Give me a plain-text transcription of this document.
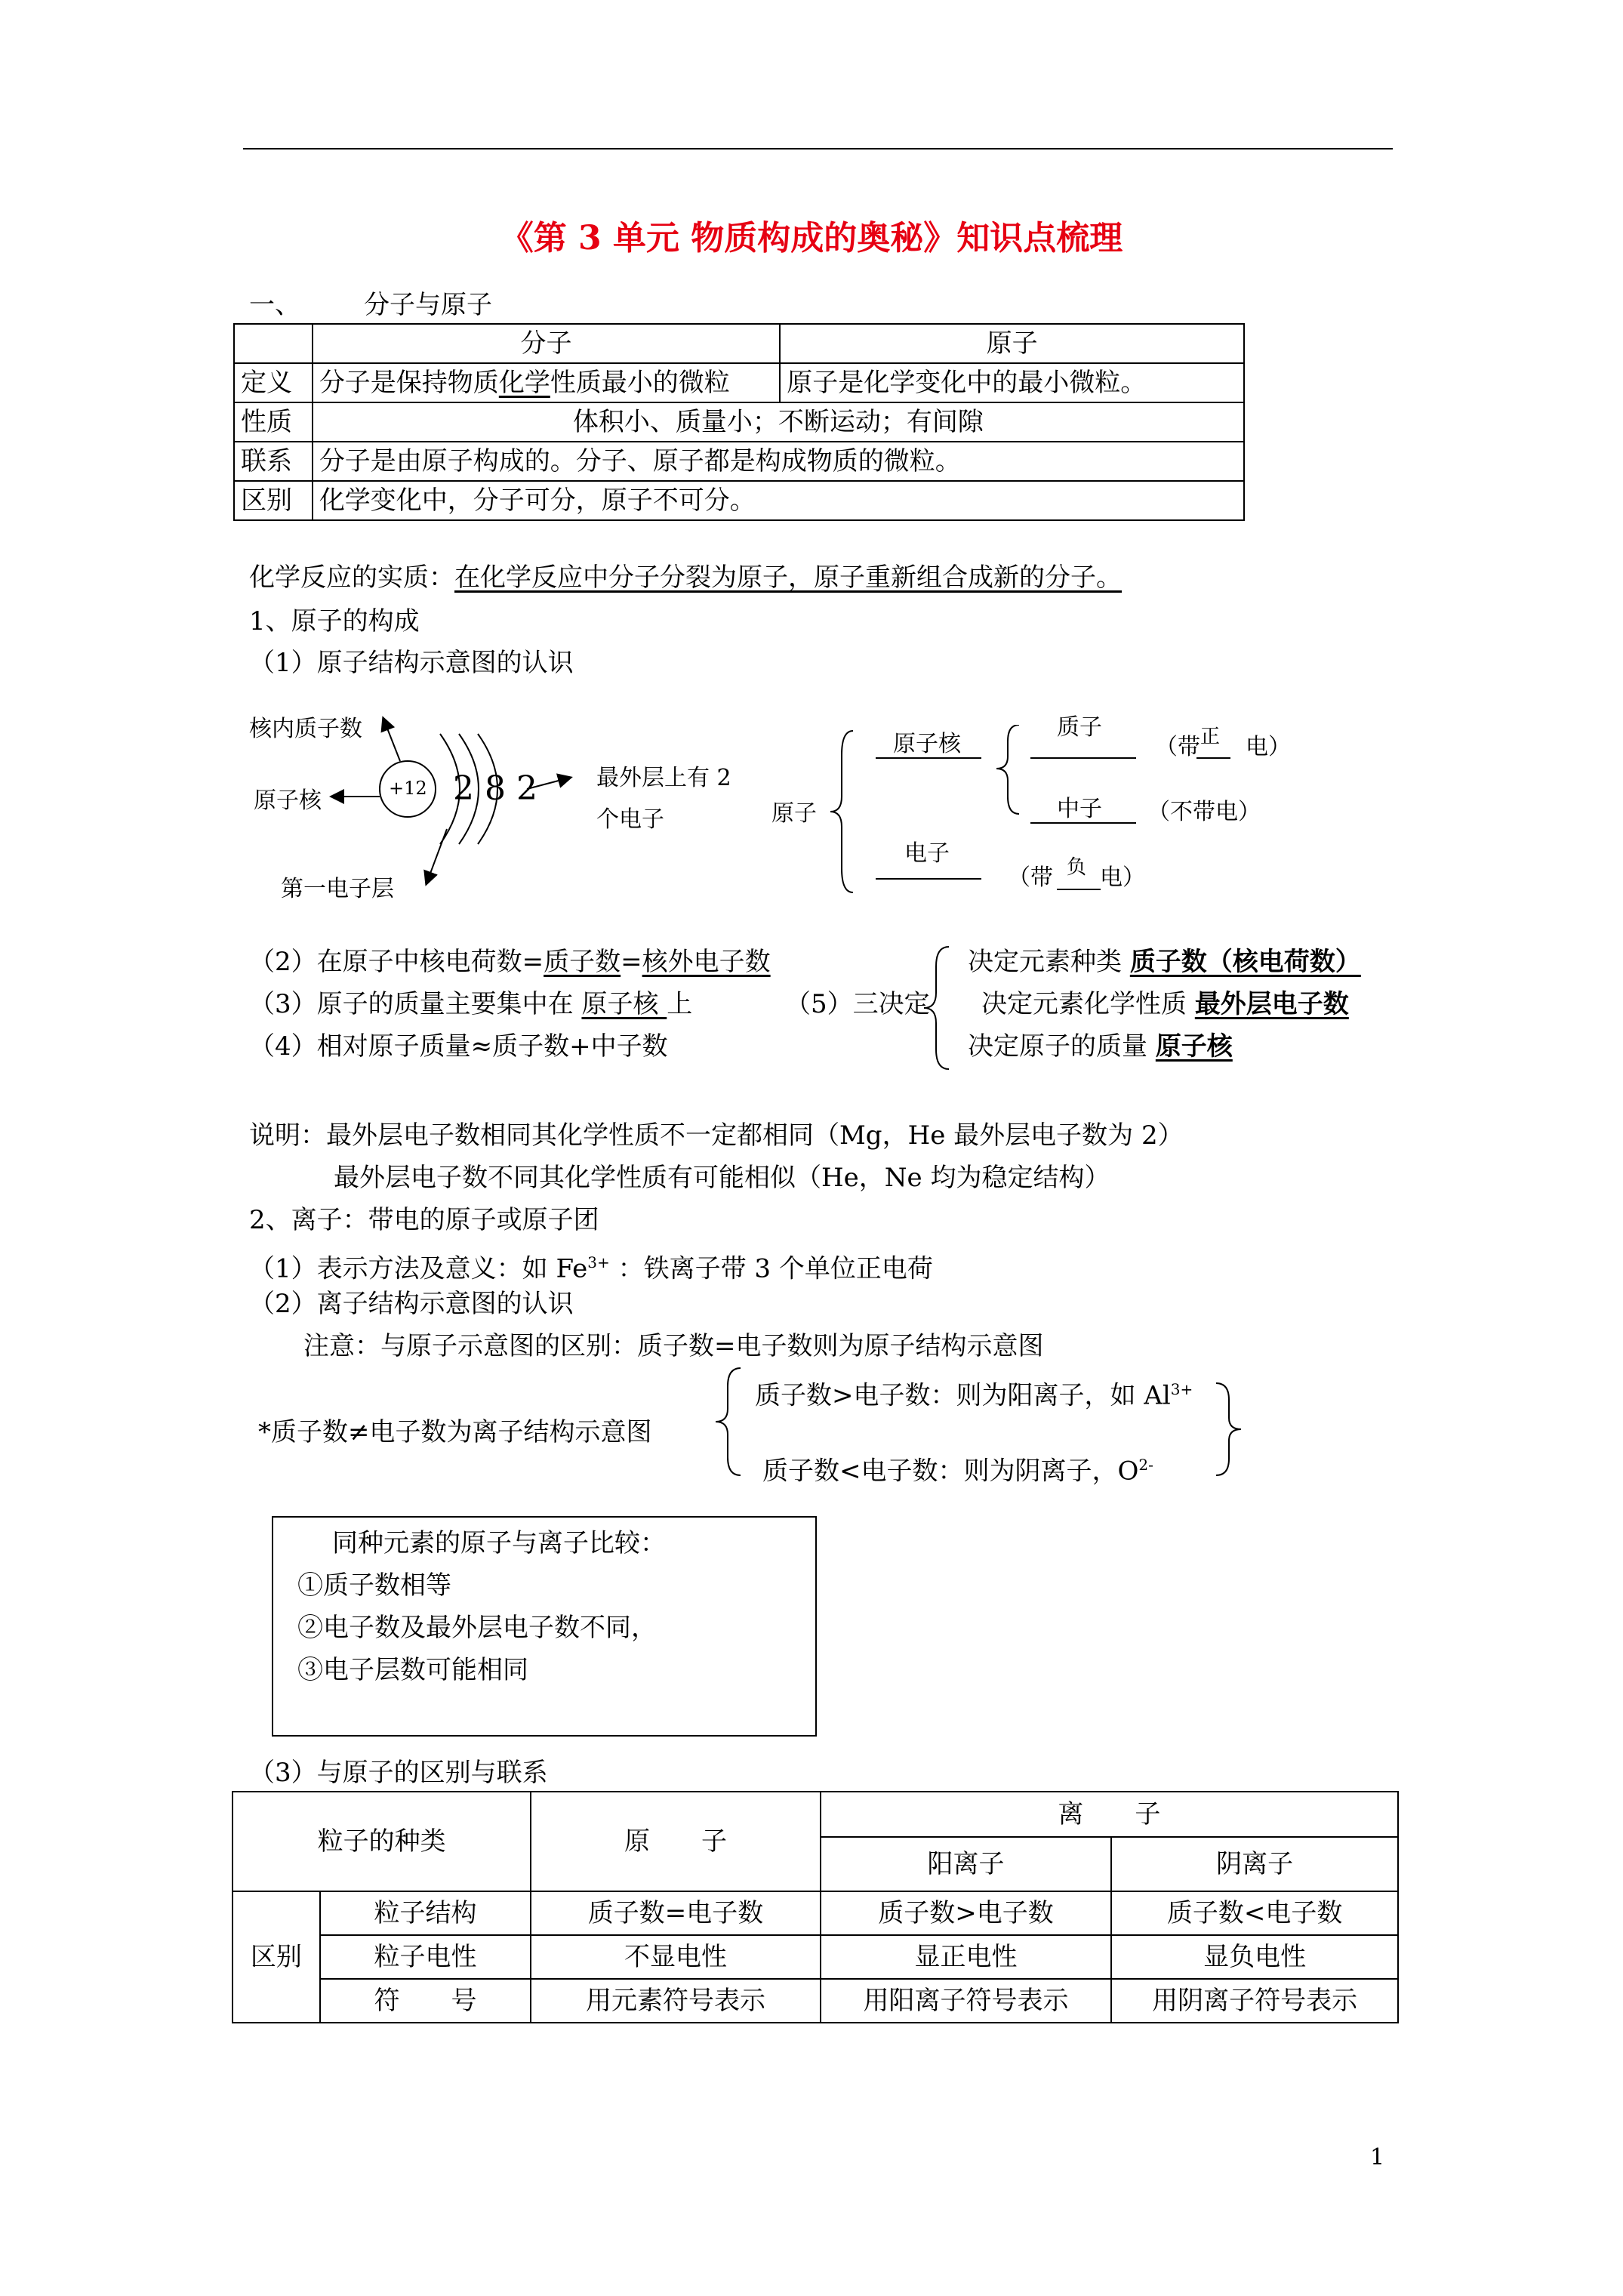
《第 3 单元 物质构成的奥秘》知识点梳理
一、 分子与原子
	分子	原子
定义	分子是保持物质化学性质最小的微粒	原子是化学变化中的最小微粒。
性质	体积小、质量小；不断运动；有间隙	
联系	分子是由原子构成的。分子、原子都是构成物质的微粒。	
区别	化学变化中，分子可分，原子不可分。	
化学反应的实质：在化学反应中分子分裂为原子，原子重新组合成新的分子。
1、原子的构成
（1）原子结构示意图的认识
核内质子数
原子核
第一电子层
+12 2 8 2	最外层上有 2
个电子	原子
原子核
质子
（带 电）
正
中子 （不带电）
电子
（带 电）
负
（2）在原子中核电荷数=质子数=核外电子数
（3）原子的质量主要集中在 原子核 上	（5）三决定
（4）相对原子质量≈质子数+中子数
决定元素种类 质子数（核电荷数）
决定元素化学性质 最外层电子数
决定原子的质量 原子核
说明：最外层电子数相同其化学性质不一定都相同（Mg，He 最外层电子数为 2）
最外层电子数不同其化学性质有可能相似（He，Ne 均为稳定结构）
2、离子：带电的原子或原子团
（1）表示方法及意义：如 $Fe^{3+}$ ：铁离子带 3 个单位正电荷
（2）离子结构示意图的认识
注意：与原子示意图的区别：质子数=电子数则为原子结构示意图
*质子数≠电子数为离子结构示意图
质子数>电子数：则为阳离子，如 $Al^{3+}$
质子数<电子数：则为阴离子，$O^{2-}$
同种元素的原子与离子比较：
①质子数相等
②电子数及最外层电子数不同，
③电子层数可能相同
（3）与原子的区别与联系
粒子的种类		原　　子	离　　子	
			阳离子	阴离子
区别	粒子结构	质子数=电子数	质子数>电子数	质子数<电子数
	粒子电性	不显电性	显正电性	显负电性
	符　　号	用元素符号表示	用阳离子符号表示	用阴离子符号表示
1
